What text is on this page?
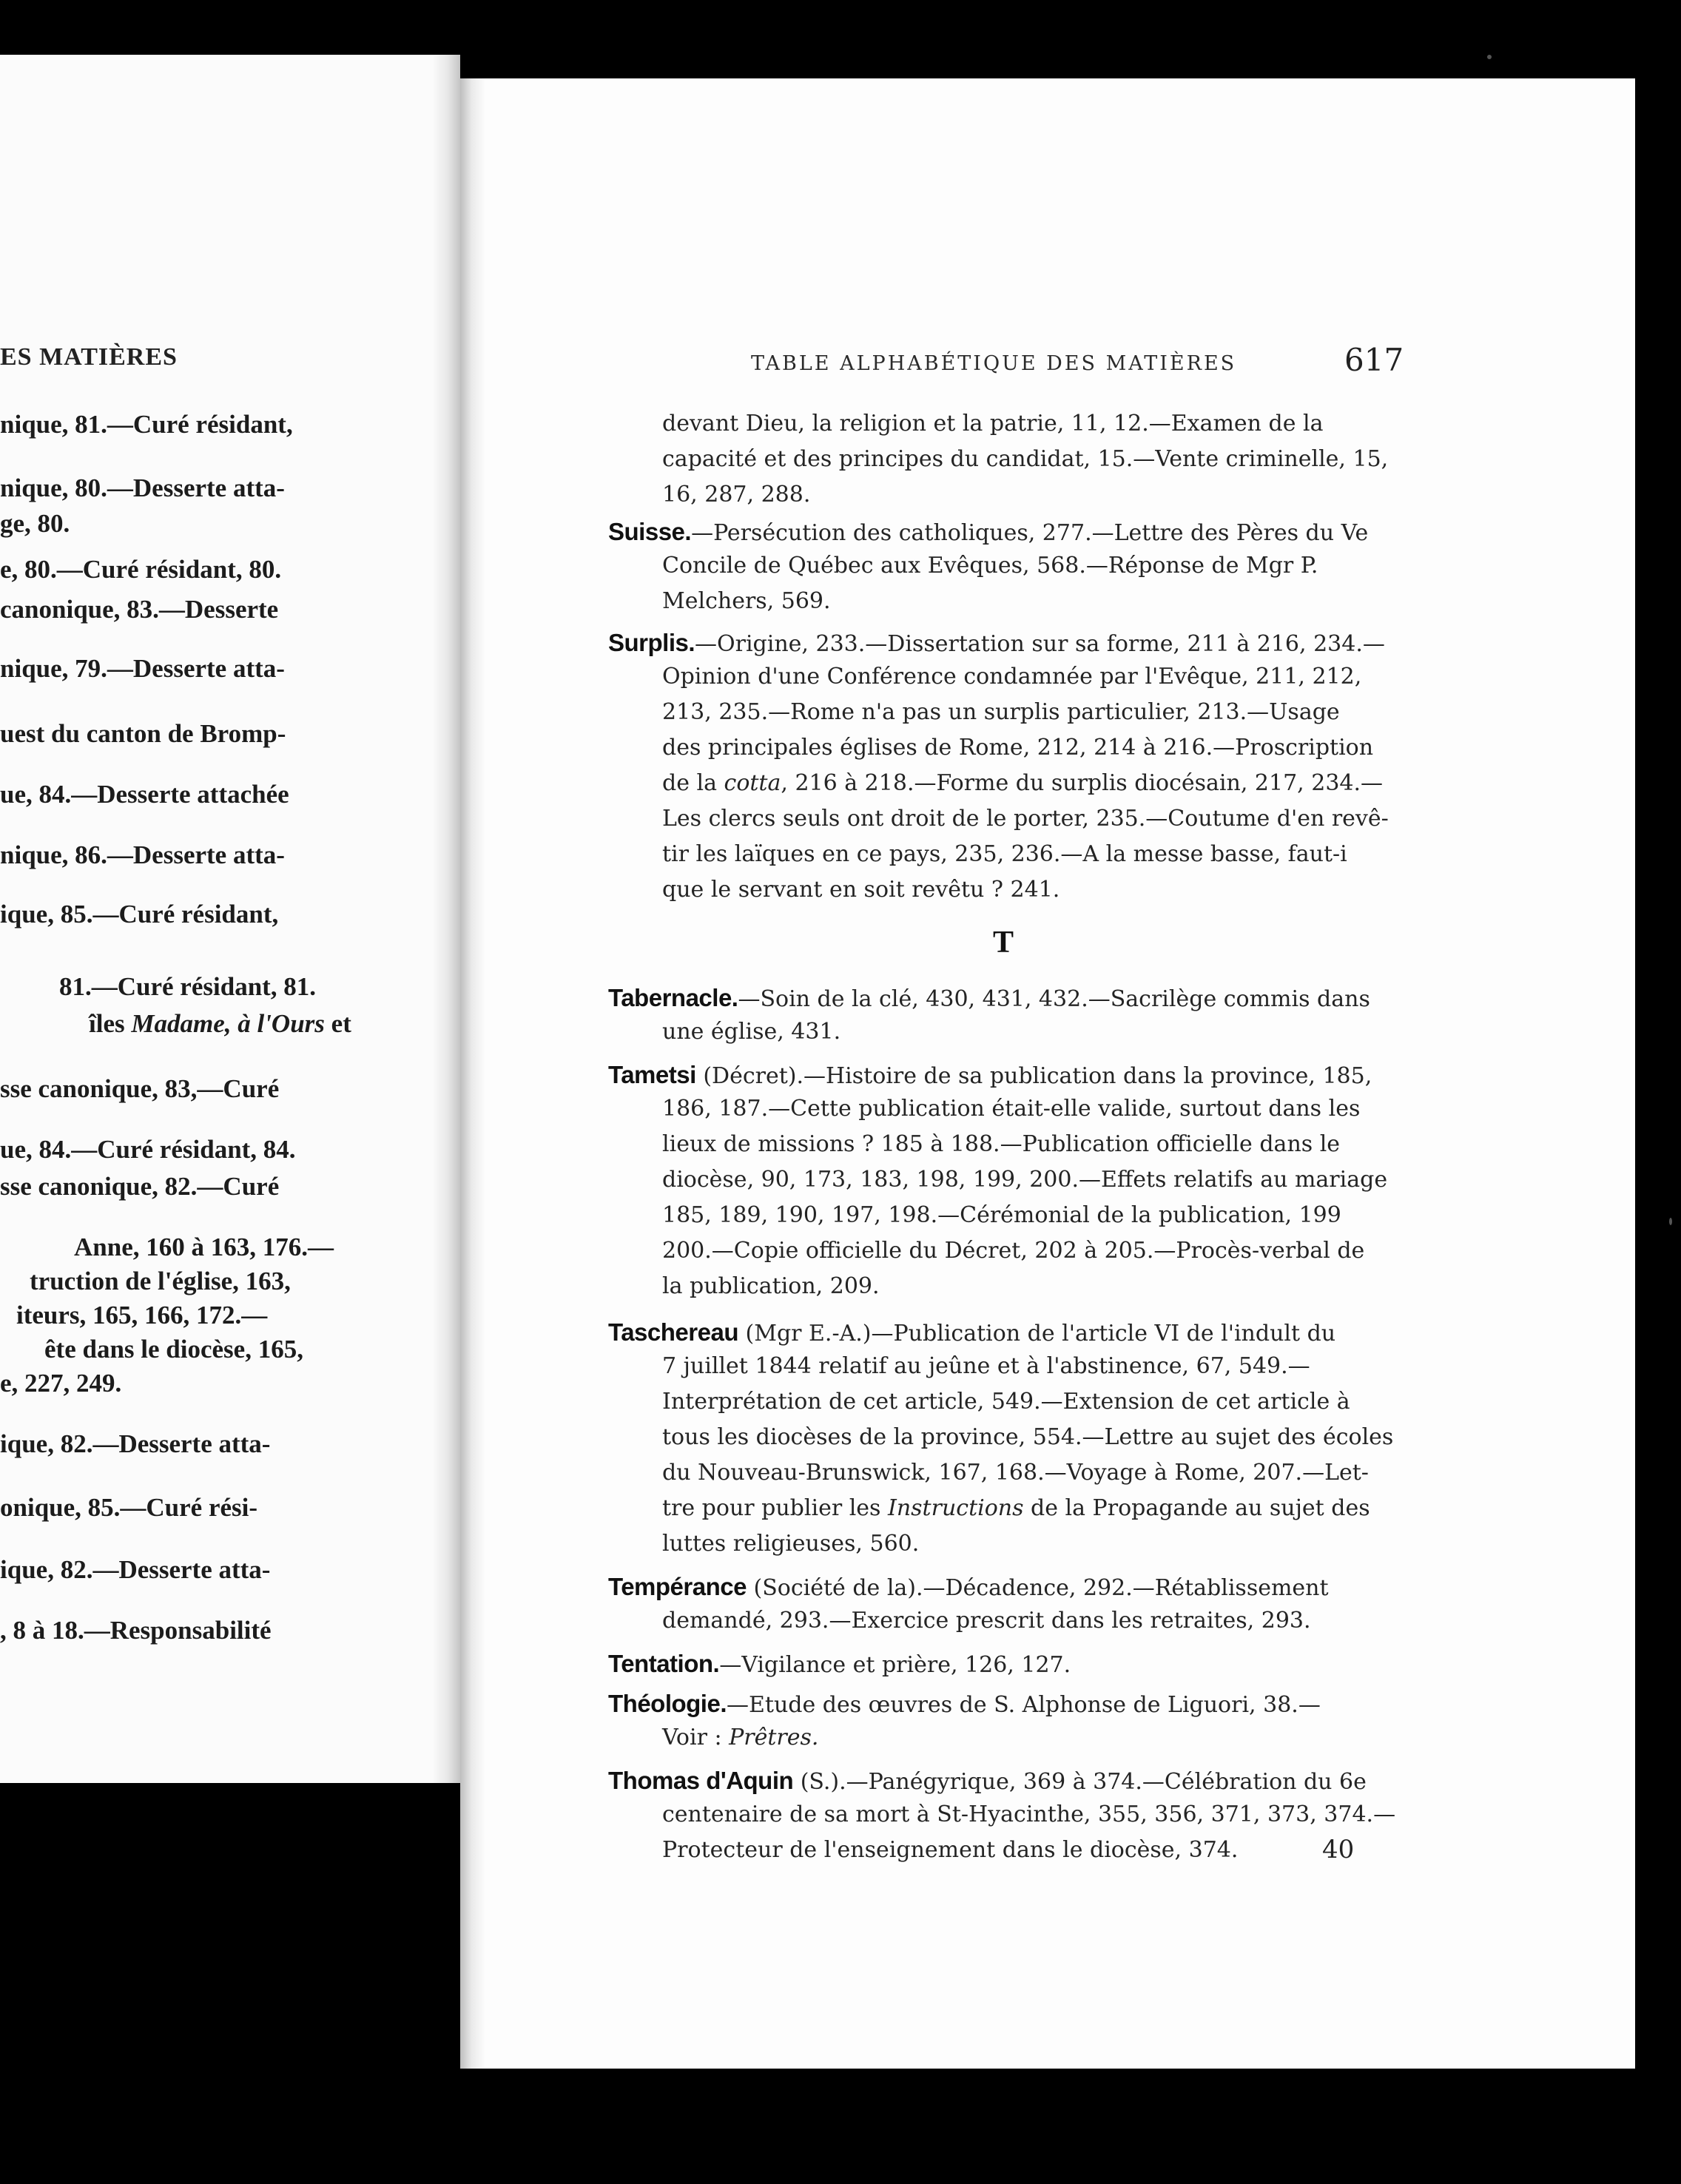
ES MATIÈRES
nique, 81.—Curé résidant,
nique, 80.—Desserte atta-
ge, 80.
e, 80.—Curé résidant, 80.
canonique, 83.—Desserte
nique, 79.—Desserte atta-
uest du canton de Bromp-
ue, 84.—Desserte attachée
nique, 86.—Desserte atta-
ique, 85.—Curé résidant,
81.—Curé résidant, 81.
îles Madame, à l'Ours et
sse canonique, 83,—Curé
ue, 84.—Curé résidant, 84.
sse canonique, 82.—Curé
Anne, 160 à 163, 176.—
truction de l'église, 163,
iteurs, 165, 166, 172.—
ête dans le diocèse, 165,
e, 227, 249.
ique, 82.—Desserte atta-
onique, 85.—Curé rési-
ique, 82.—Desserte atta-
, 8 à 18.—Responsabilité
TABLE ALPHABÉTIQUE DES MATIÈRES	617
devant Dieu, la religion et la patrie, 11, 12.—Examen de la
capacité et des principes du candidat, 15.—Vente criminelle, 15,
16, 287, 288.
Suisse.—Persécution des catholiques, 277.—Lettre des Pères du Ve
Concile de Québec aux Evêques, 568.—Réponse de Mgr P.
Melchers, 569.
Surplis.—Origine, 233.—Dissertation sur sa forme, 211 à 216, 234.—
Opinion d'une Conférence condamnée par l'Evêque, 211, 212,
213, 235.—Rome n'a pas un surplis particulier, 213.—Usage
des principales églises de Rome, 212, 214 à 216.—Proscription
de la cotta, 216 à 218.—Forme du surplis diocésain, 217, 234.—
Les clercs seuls ont droit de le porter, 235.—Coutume d'en revê-
tir les laïques en ce pays, 235, 236.—A la messe basse, faut-i
que le servant en soit revêtu ? 241.
T
Tabernacle.—Soin de la clé, 430, 431, 432.—Sacrilège commis dans
une église, 431.
Tametsi (Décret).—Histoire de sa publication dans la province, 185,
186, 187.—Cette publication était-elle valide, surtout dans les
lieux de missions ? 185 à 188.—Publication officielle dans le
diocèse, 90, 173, 183, 198, 199, 200.—Effets relatifs au mariage
185, 189, 190, 197, 198.—Cérémonial de la publication, 199
200.—Copie officielle du Décret, 202 à 205.—Procès-verbal de
la publication, 209.
Taschereau (Mgr E.-A.)—Publication de l'article VI de l'indult du
7 juillet 1844 relatif au jeûne et à l'abstinence, 67, 549.—
Interprétation de cet article, 549.—Extension de cet article à
tous les diocèses de la province, 554.—Lettre au sujet des écoles
du Nouveau-Brunswick, 167, 168.—Voyage à Rome, 207.—Let-
tre pour publier les Instructions de la Propagande au sujet des
luttes religieuses, 560.
Tempérance (Société de la).—Décadence, 292.—Rétablissement
demandé, 293.—Exercice prescrit dans les retraites, 293.
Tentation.—Vigilance et prière, 126, 127.
Théologie.—Etude des œuvres de S. Alphonse de Liguori, 38.—
Voir : Prêtres.
Thomas d'Aquin (S.).—Panégyrique, 369 à 374.—Célébration du 6e
centenaire de sa mort à St-Hyacinthe, 355, 356, 371, 373, 374.—
Protecteur de l'enseignement dans le diocèse, 374.	40
